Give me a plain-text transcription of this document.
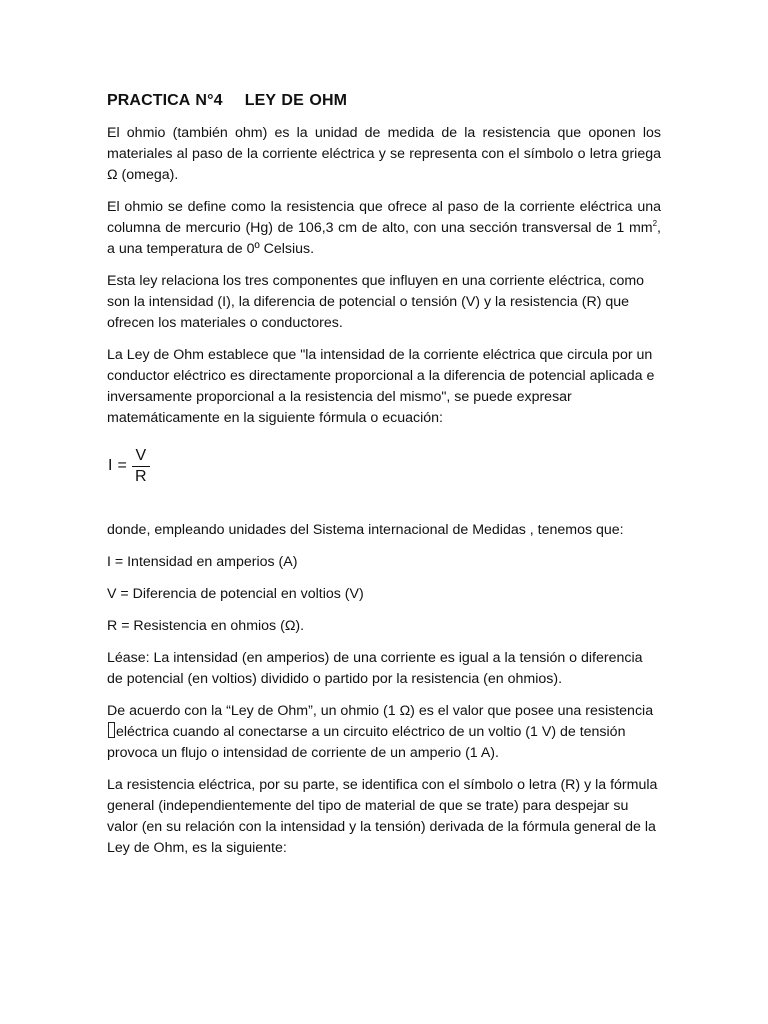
PRACTICA N°4    LEY DE OHM

El ohmio (también ohm) es la unidad de medida de la resistencia que oponen los materiales al paso de la corriente eléctrica y se representa con el símbolo o letra griega Ω (omega).

El ohmio se define como la resistencia que ofrece al paso de la corriente eléctrica una columna de mercurio (Hg) de 106,3 cm de alto, con una sección transversal de 1 $mm^2$, a una temperatura de 0º Celsius.

Esta ley relaciona los tres componentes que influyen en una corriente eléctrica, como son la intensidad (I), la diferencia de potencial o tensión (V) y la resistencia (R) que ofrecen los materiales o conductores.

La Ley de Ohm establece que "la intensidad de la corriente eléctrica que circula por un conductor eléctrico es directamente proporcional a la diferencia de potencial aplicada e inversamente proporcional a la resistencia del mismo", se puede expresar matemáticamente en la siguiente fórmula o ecuación:

$I = \frac{V}{R}$

donde, empleando unidades del Sistema internacional de Medidas , tenemos que:

I = Intensidad en amperios (A)

V = Diferencia de potencial en voltios (V)

R = Resistencia en ohmios (Ω).

Léase: La intensidad (en amperios) de una corriente es igual a la tensión o diferencia de potencial (en voltios) dividido o partido por la resistencia (en ohmios).

De acuerdo con la “Ley de Ohm”, un ohmio (1 Ω) es el valor que posee una resistenciaeléctrica cuando al conectarse a un circuito eléctrico de un voltio (1 V) de tensión provoca un flujo o intensidad de corriente de un amperio (1 A).

La resistencia eléctrica, por su parte, se identifica con el símbolo o letra (R) y la fórmula general (independientemente del tipo de material de que se trate) para despejar su valor (en su relación con la intensidad y la tensión) derivada de la fórmula general de la Ley de Ohm, es la siguiente:
